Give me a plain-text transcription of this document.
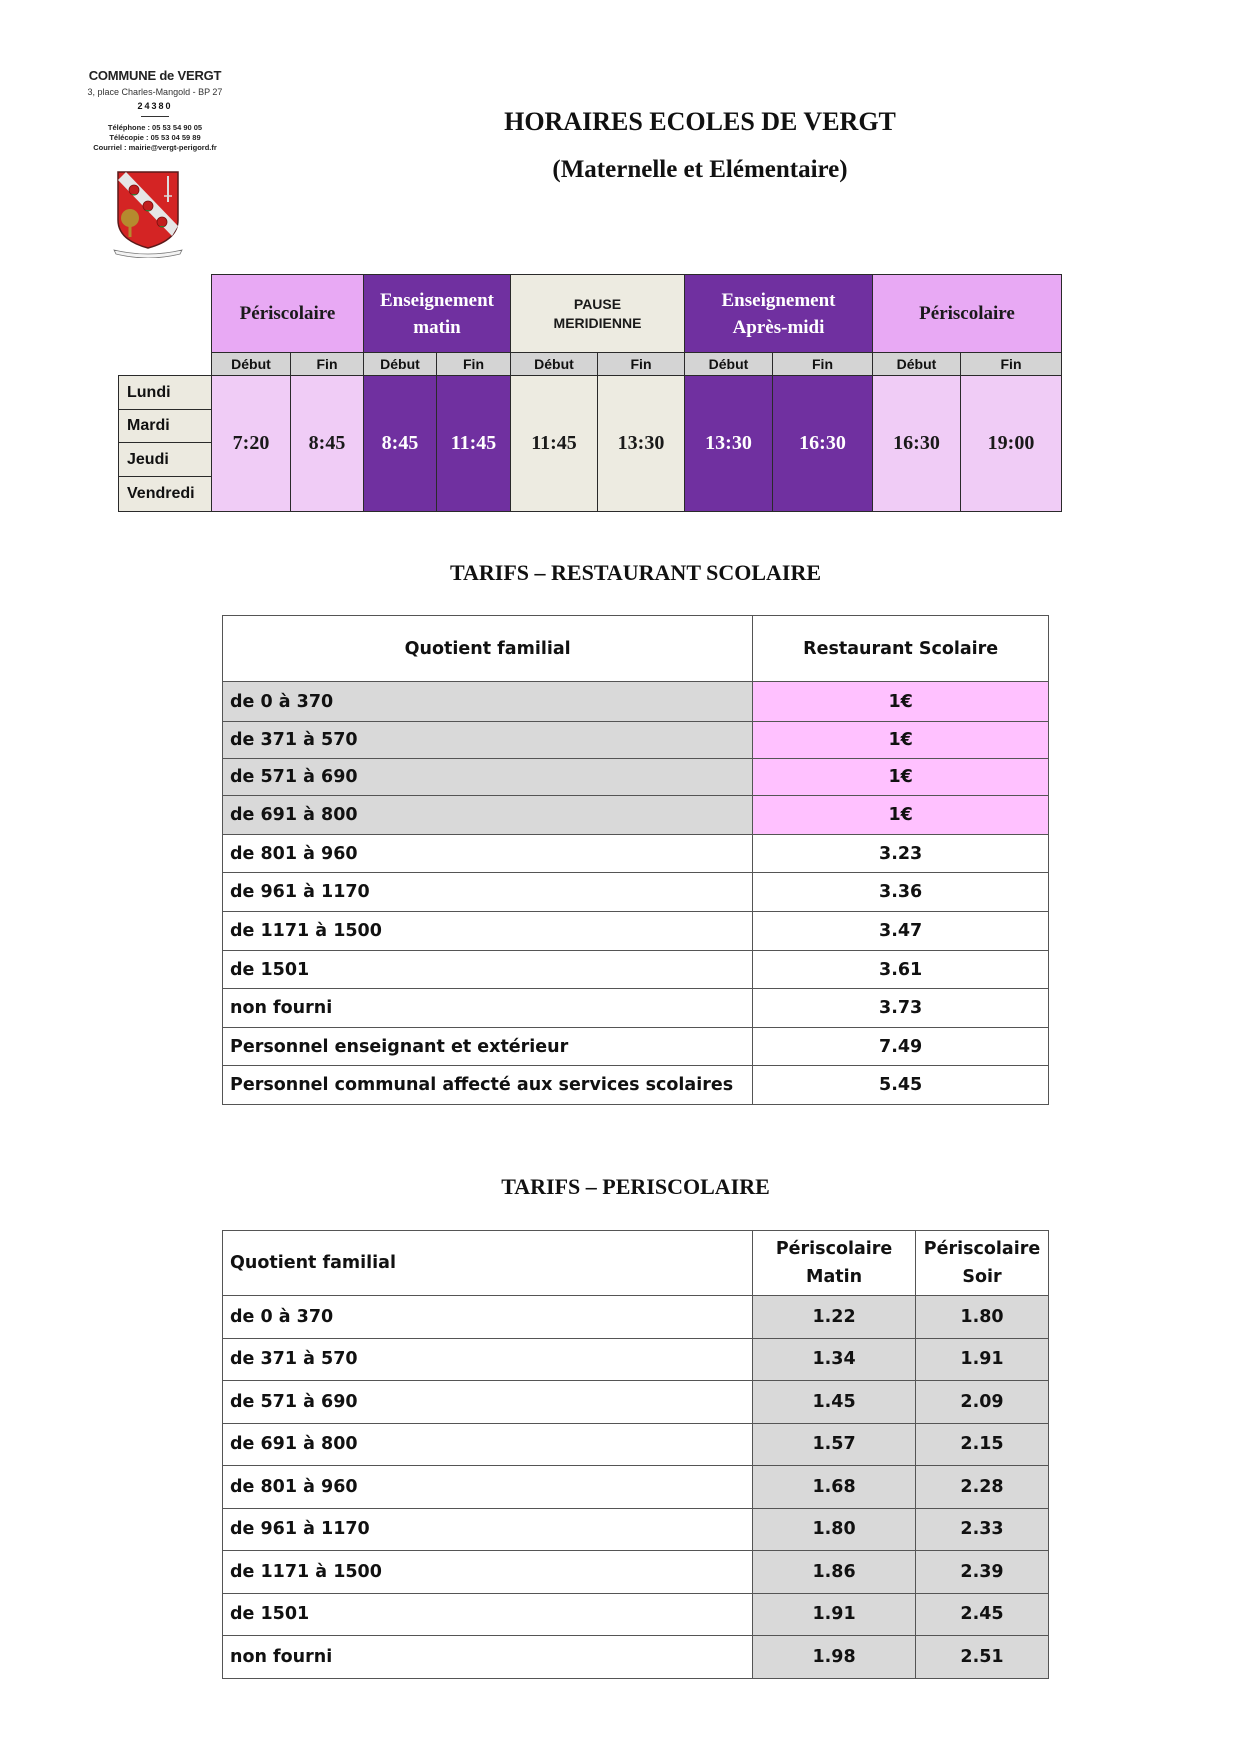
COMMUNE de VERGT
3, place Charles-Mangold - BP 27
24380
Téléphone : 05 53 54 90 05
Télécopie : 05 53 04 59 89
Courriel : mairie@vergt-perigord.fr
HORAIRES ECOLES DE VERGT
(Maternelle et Elémentaire)
Périscolaire
Enseignement matin
PAUSE MERIDIENNE
Enseignement Après-midi
Périscolaire
Début	Fin	Début	Fin	Début	Fin	Début	Fin	Début	Fin
Lundi
Mardi
Jeudi
Vendredi
7:20	8:45	8:45	11:45	11:45	13:30	13:30	16:30	16:30	19:00
TARIFS – RESTAURANT SCOLAIRE
Quotient familial	Restaurant Scolaire
de 0 à 370	1€
de 371 à 570	1€
de 571 à 690	1€
de 691 à 800	1€
de 801 à 960	3.23
de 961 à 1170	3.36
de 1171 à 1500	3.47
de 1501	3.61
non fourni	3.73
Personnel enseignant et extérieur	7.49
Personnel communal affecté aux services scolaires	5.45
TARIFS – PERISCOLAIRE
Quotient familial	Périscolaire Matin	Périscolaire Soir
de 0 à 370	1.22	1.80
de 371 à 570	1.34	1.91
de 571 à 690	1.45	2.09
de 691 à 800	1.57	2.15
de 801 à 960	1.68	2.28
de 961 à 1170	1.80	2.33
de 1171 à 1500	1.86	2.39
de 1501	1.91	2.45
non fourni	1.98	2.51
